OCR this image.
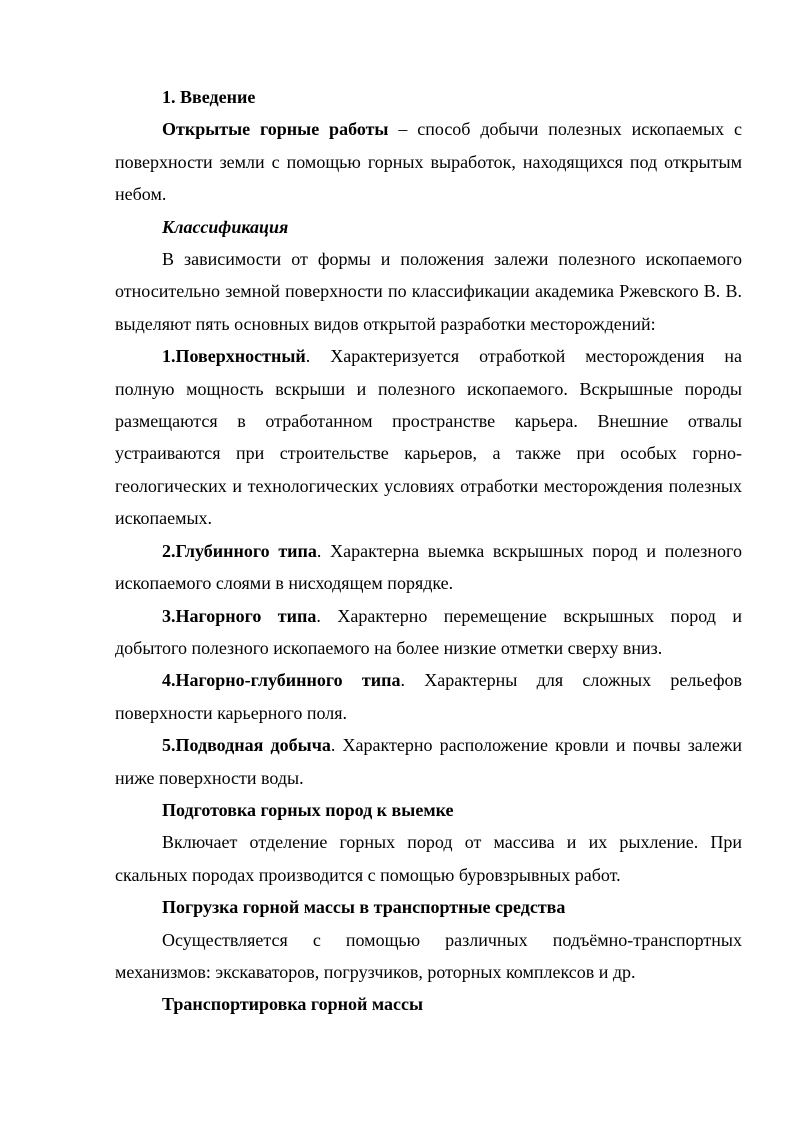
1. Введение

Открытые горные работы – способ добычи полезных ископаемых с поверхности земли с помощью горных выработок, находящихся под открытым небом.

Классификация

В зависимости от формы и положения залежи полезного ископаемого относительно земной поверхности по классификации академика Ржевского В. В. выделяют пять основных видов открытой разработки месторождений:

1.Поверхностный. Характеризуется отработкой месторождения на полную мощность вскрыши и полезного ископаемого. Вскрышные породы размещаются в отработанном пространстве карьера. Внешние отвалы устраиваются при строительстве карьеров, а также при особых горно-геологических и технологических условиях отработки месторождения полезных ископаемых.

2.Глубинного типа. Характерна выемка вскрышных пород и полезного ископаемого слоями в нисходящем порядке.

3.Нагорного типа. Характерно перемещение вскрышных пород и добытого полезного ископаемого на более низкие отметки сверху вниз.

4.Нагорно-глубинного типа. Характерны для сложных рельефов поверхности карьерного поля.

5.Подводная добыча. Характерно расположение кровли и почвы залежи ниже поверхности воды.

Подготовка горных пород к выемке

Включает отделение горных пород от массива и их рыхление. При скальных породах производится с помощью буровзрывных работ.

Погрузка горной массы в транспортные средства

Осуществляется с помощью различных подъёмно-транспортных механизмов: экскаваторов, погрузчиков, роторных комплексов и др.

Транспортировка горной массы
